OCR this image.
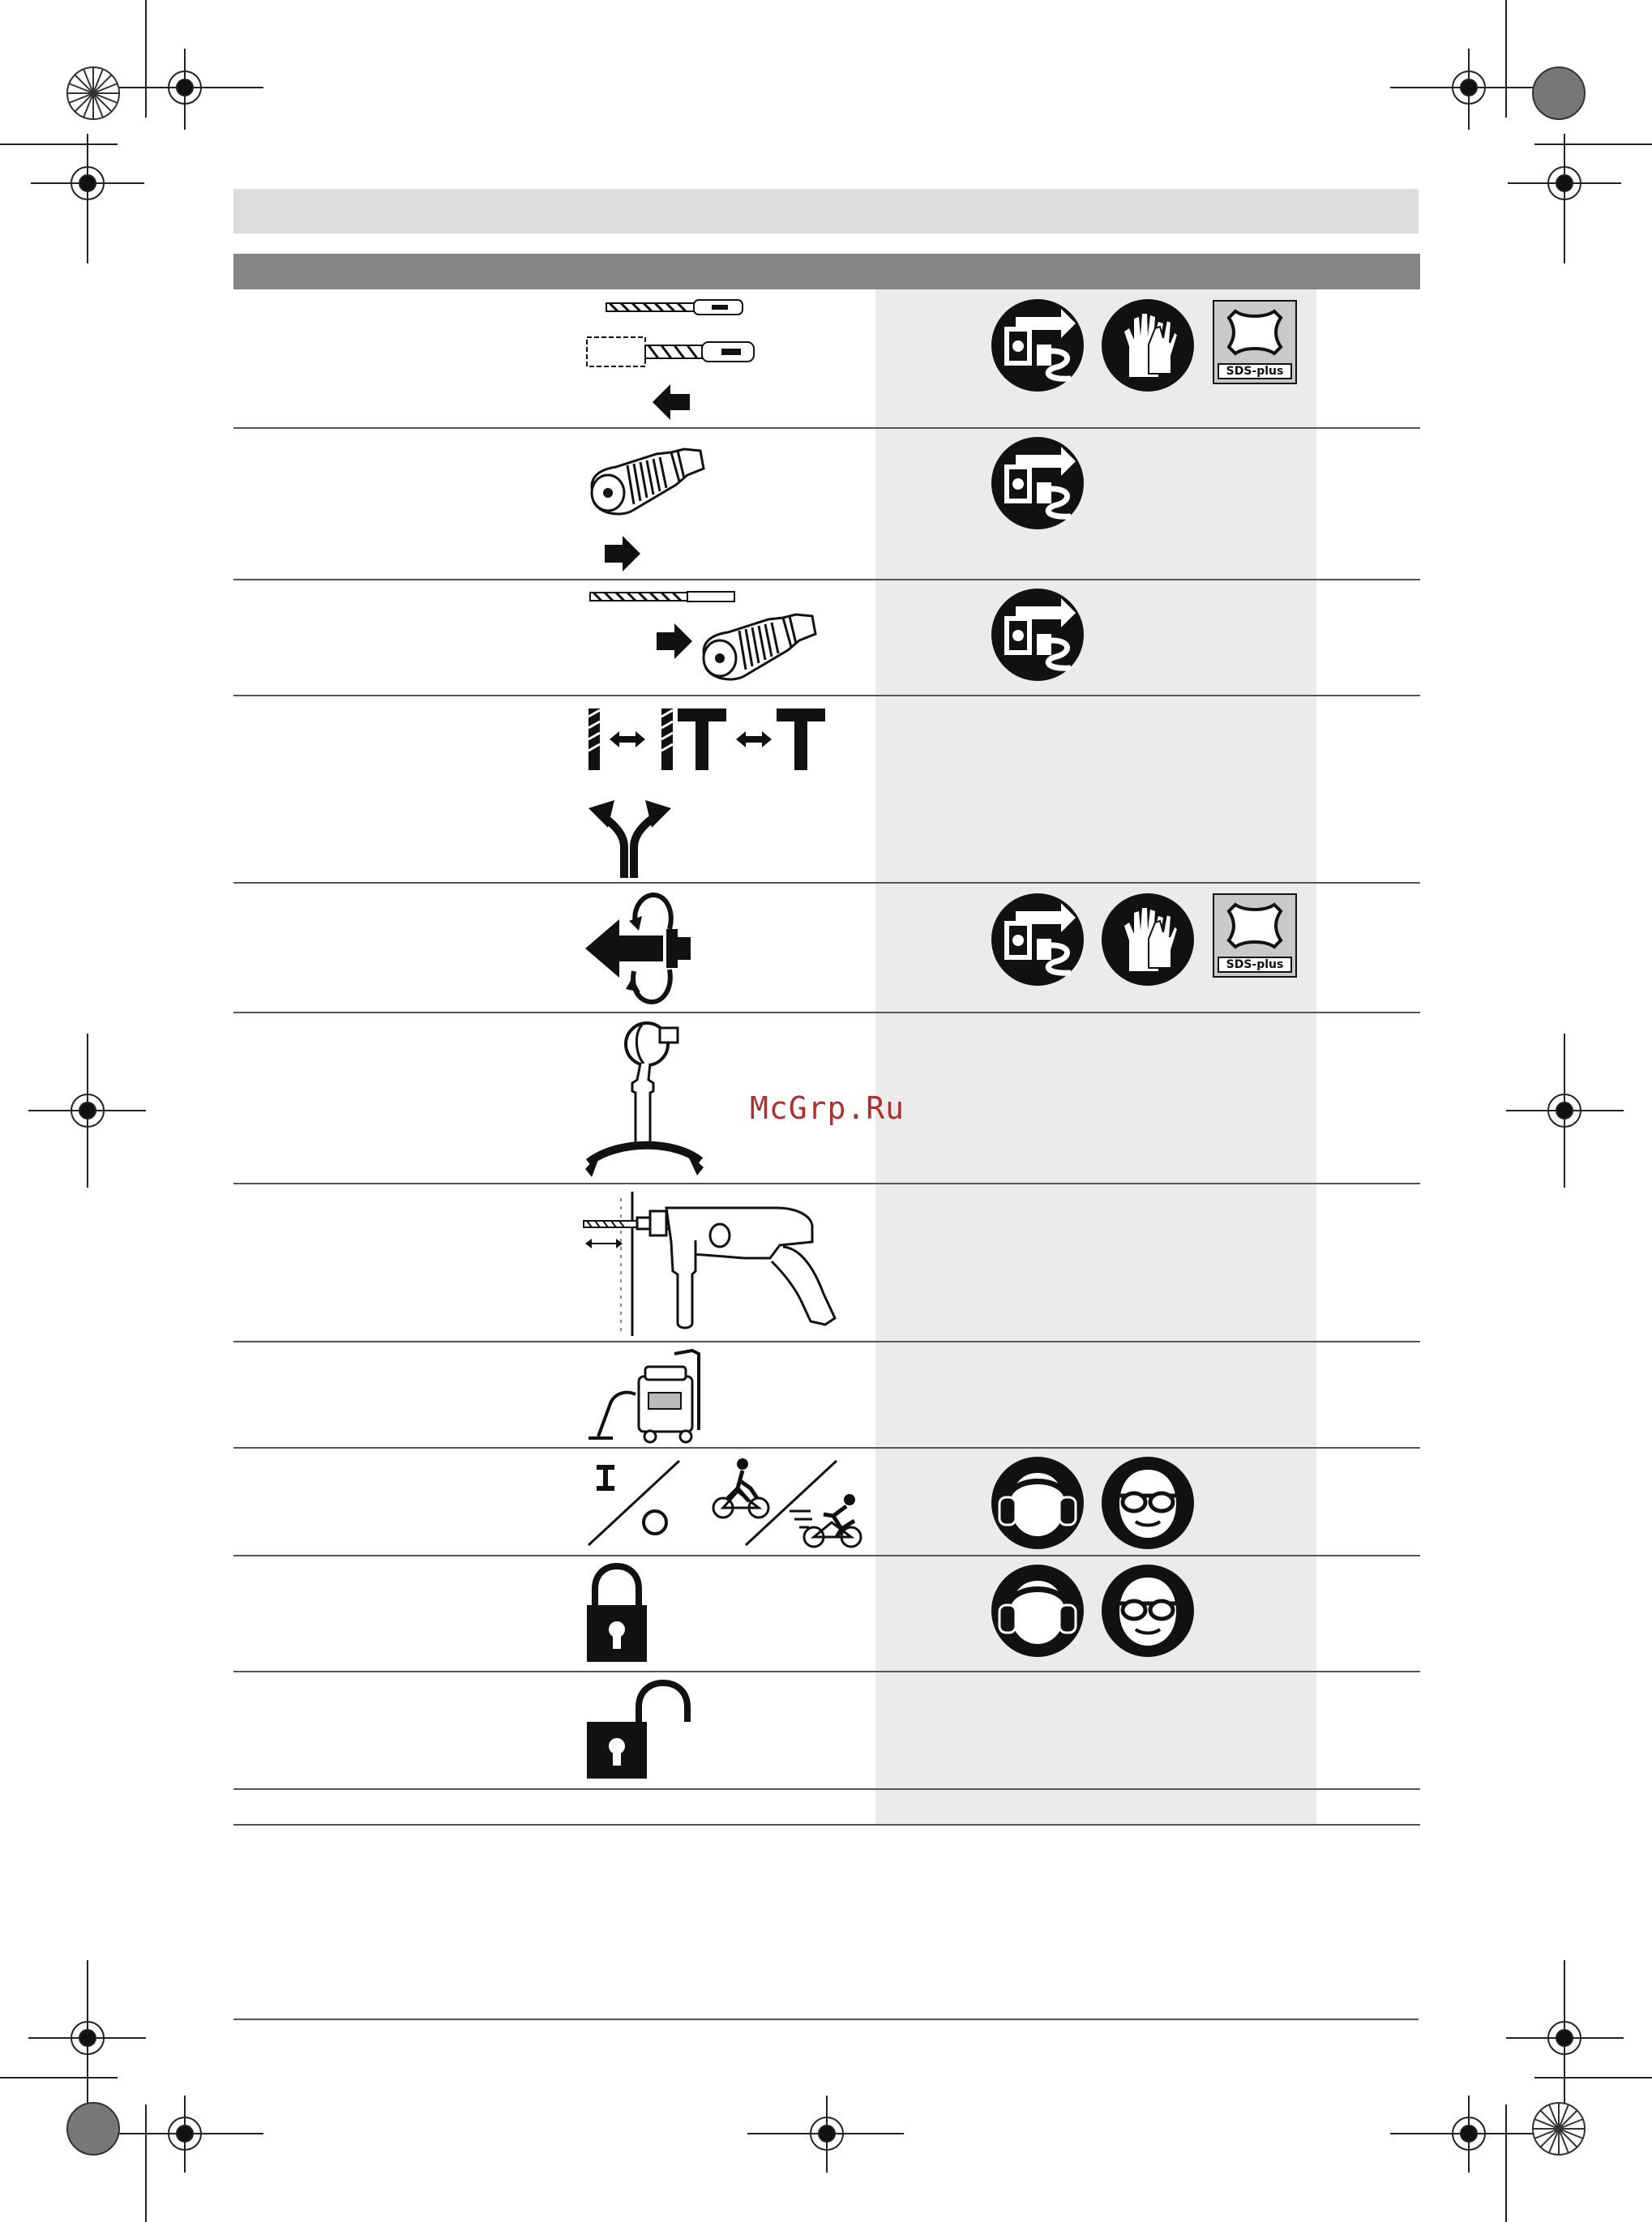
SDS-plus
SDS-plus
McGrp.Ru
